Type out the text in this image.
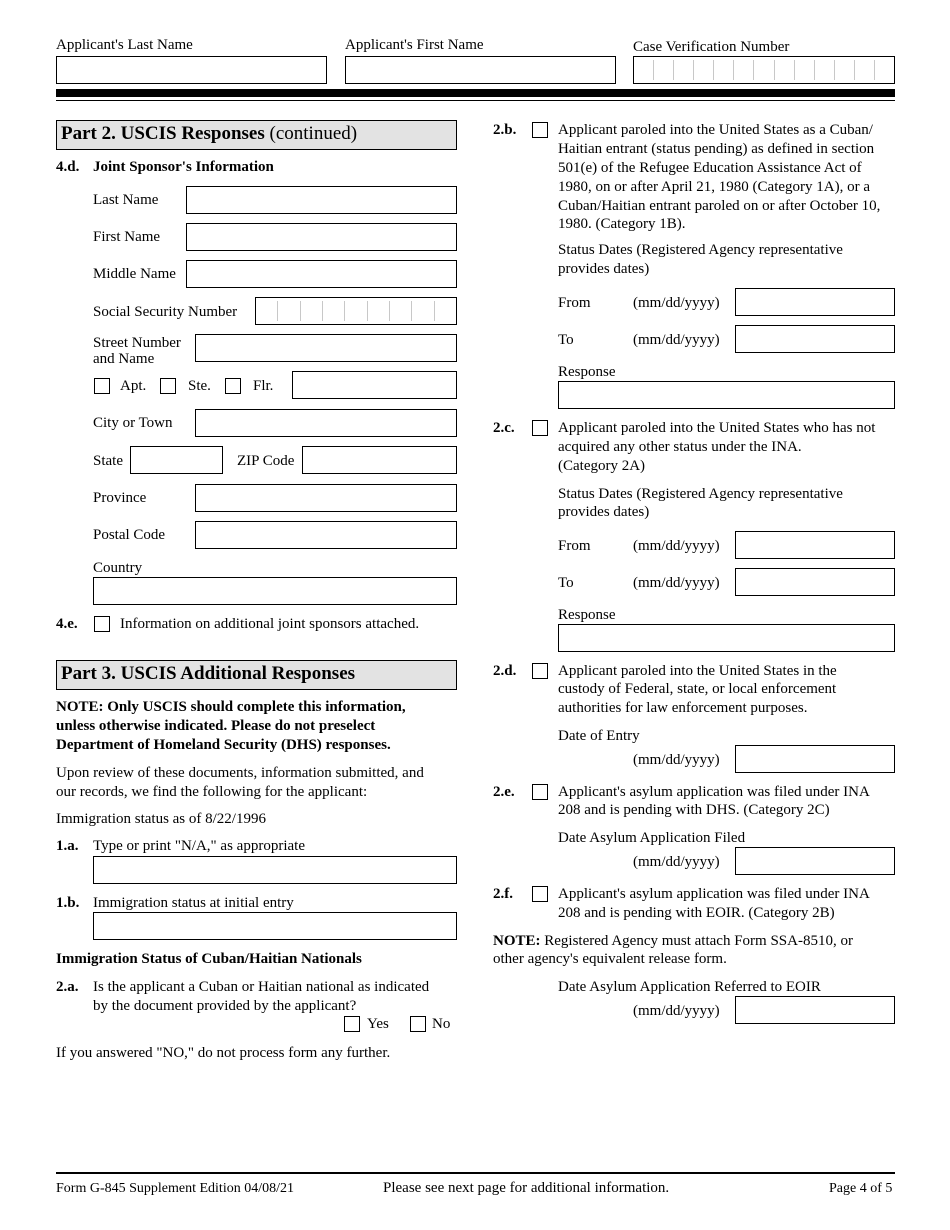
Applicant's Last Name	Applicant's First Name	Case Verification Number
Part 2. USCIS Responses (continued)
4.d. Joint Sponsor's Information
Last Name
First Name
Middle Name
Social Security Number
Street Number
and Name
Apt.	Ste.	Flr.
City or Town
State	ZIP Code
Province
Postal Code
Country
4.e.	Information on additional joint sponsors attached.
Part 3. USCIS Additional Responses
NOTE: Only USCIS should complete this information,
unless otherwise indicated. Please do not preselect
Department of Homeland Security (DHS) responses.
Upon review of these documents, information submitted, and
our records, we find the following for the applicant:
Immigration status as of 8/22/1996
1.a. Type or print "N/A," as appropriate
1.b. Immigration status at initial entry
Immigration Status of Cuban/Haitian Nationals
2.a. Is the applicant a Cuban or Haitian national as indicated
by the document provided by the applicant?
Yes	No
If you answered "NO," do not process form any further.
2.b.	Applicant paroled into the United States as a Cuban/
Haitian entrant (status pending) as defined in section
501(e) of the Refugee Education Assistance Act of
1980, on or after April 21, 1980 (Category 1A), or a
Cuban/Haitian entrant paroled on or after October 10,
1980. (Category 1B).
Status Dates (Registered Agency representative
provides dates)
From	(mm/dd/yyyy)
To	(mm/dd/yyyy)
Response
2.c.	Applicant paroled into the United States who has not
acquired any other status under the INA.
(Category 2A)
Status Dates (Registered Agency representative
provides dates)
From	(mm/dd/yyyy)
To	(mm/dd/yyyy)
Response
2.d.	Applicant paroled into the United States in the
custody of Federal, state, or local enforcement
authorities for law enforcement purposes.
Date of Entry
(mm/dd/yyyy)
2.e.	Applicant's asylum application was filed under INA
208 and is pending with DHS. (Category 2C)
Date Asylum Application Filed
(mm/dd/yyyy)
2.f.	Applicant's asylum application was filed under INA
208 and is pending with EOIR. (Category 2B)
NOTE: Registered Agency must attach Form SSA-8510, or
other agency's equivalent release form.
Date Asylum Application Referred to EOIR
(mm/dd/yyyy)
Form G-845 Supplement Edition 04/08/21	Please see next page for additional information.	Page 4 of 5
